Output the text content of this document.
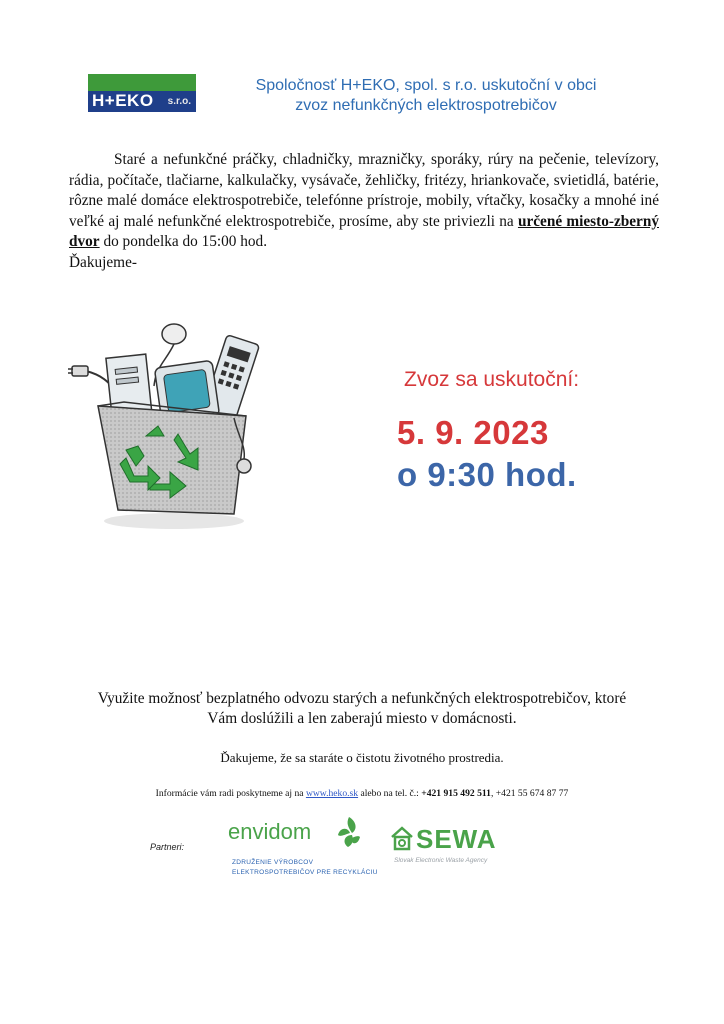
H+EKO s.r.o.
Spoločnosť H+EKO, spol. s r.o. uskutoční v obci
zvoz nefunkčných elektrospotrebičov

Staré a nefunkčné práčky, chladničky, mrazničky, sporáky, rúry na pečenie, televízory, rádia, počítače, tlačiarne, kalkulačky, vysávače, žehličky, fritézy, hriankovače, svietidlá, batérie, rôzne malé domáce elektrospotrebiče, telefónne prístroje, mobily, vŕtačky, kosačky a mnohé iné veľké aj malé nefunkčné elektrospotrebiče, prosíme, aby ste priviezli na určené miesto-zberný dvor do pondelka do 15:00 hod.

Ďakujeme-
Zvoz sa uskutoční:
5. 9. 2023
o 9:30 hod.
Využite možnosť bezplatného odvozu starých a nefunkčných elektrospotrebičov, ktoré
Vám doslúžili a len zaberajú miesto v domácnosti.
Ďakujeme, že sa staráte o čistotu životného prostredia.
Informácie vám radi poskytneme aj na www.heko.sk alebo na tel. č.: +421 915 492 511, +421 55 674 87 77
Partneri:
envidom
ZDRUŽENIE VÝROBCOV
ELEKTROSPOTREBIČOV PRE RECYKLÁCIU
SEWA
Slovak Electronic Waste Agency
